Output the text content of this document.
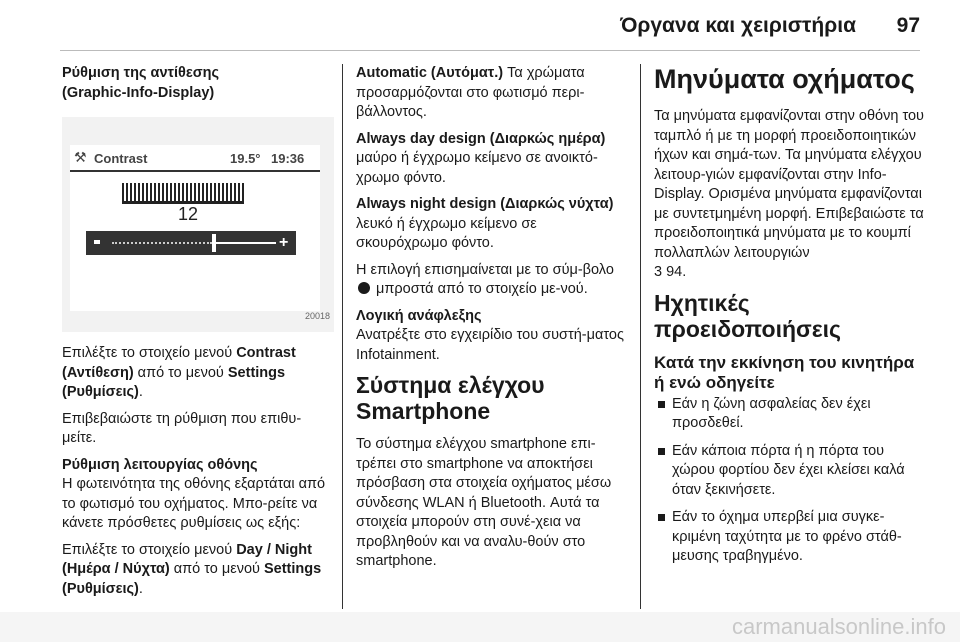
Όργανα και χειριστήρια 97
Ρύθμιση της αντίθεσης
(Graphic-Info-Display)
⚒ Contrast	19.5° 19:36
12
+
20018

Επιλέξτε το στοιχείο μενού Contrast (Αντίθεση) από το μενού Settings (Ρυθμίσεις).

Επιβεβαιώστε τη ρύθμιση που επιθυ-μείτε.

Ρύθμιση λειτουργίας οθόνης

Η φωτεινότητα της οθόνης εξαρτάται από το φωτισμό του οχήματος. Μπο-ρείτε να κάνετε πρόσθετες ρυθμίσεις ως εξής:

Επιλέξτε το στοιχείο μενού Day / Night (Ημέρα / Νύχτα) από το μενού Settings (Ρυθμίσεις).

Automatic (Αυτόματ.) Τα χρώματα προσαρμόζονται στο φωτισμό περι-βάλλοντος.

Always day design (Διαρκώς ημέρα) μαύρο ή έγχρωμο κείμενο σε ανοικτό-χρωμο φόντο.

Always night design (Διαρκώς νύχτα) λευκό ή έγχρωμο κείμενο σε σκουρόχρωμο φόντο.

Η επιλογή επισημαίνεται με το σύμ-βολο  μπροστά από το στοιχείο με-νού.

Λογική ανάφλεξης

Ανατρέξτε στο εγχειρίδιο του συστή-ματος Infotainment.

Σύστημα ελέγχου Smartphone

Το σύστημα ελέγχου smartphone επι-τρέπει στο smartphone να αποκτήσει πρόσβαση στα στοιχεία οχήματος μέσω σύνδεσης WLAN ή Bluetooth. Αυτά τα στοιχεία μπορούν στη συνέ-χεια να προβληθούν και να αναλυ-θούν στο smartphone.

Μηνύματα οχήματος

Τα μηνύματα εμφανίζονται στην οθόνη του ταμπλό ή με τη μορφή προειδοποιητικών ήχων και σημά-των. Τα μηνύματα ελέγχου λειτουρ-γιών εμφανίζονται στην Info-Display. Ορισμένα μηνύματα εμφανίζονται με συντετμημένη μορφή. Επιβεβαιώστε τα προειδοποιητικά μηνύματα με το κουμπί πολλαπλών λειτουργιών
3 94.

Ηχητικές προειδοποιήσεις
Κατά την εκκίνηση του κινητήρα ή ενώ οδηγείτε
Εάν η ζώνη ασφαλείας δεν έχει προσδεθεί.
Εάν κάποια πόρτα ή η πόρτα του χώρου φορτίου δεν έχει κλείσει καλά όταν ξεκινήσετε.
Εάν το όχημα υπερβεί μια συγκε-κριμένη ταχύτητα με το φρένο στάθ-μευσης τραβηγμένο.
carmanualsonline.info
